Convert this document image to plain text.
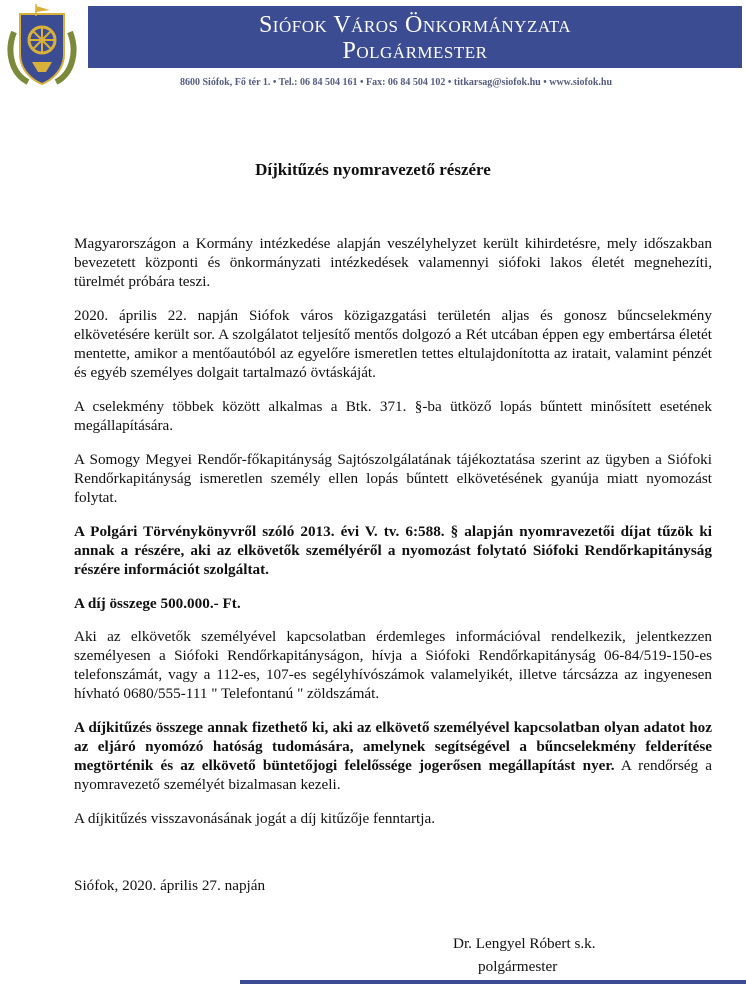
Siófok Város Önkormányzata
Polgármester
8600 Siófok, Fő tér 1. • Tel.: 06 84 504 161 • Fax: 06 84 504 102 • titkarsag@siofok.hu • www.siofok.hu
Díjkitűzés nyomravezető részére

Magyarországon a Kormány intézkedése alapján veszélyhelyzet került kihirdetésre, mely időszakban bevezetett központi és önkormányzati intézkedések valamennyi siófoki lakos életét megnehezíti, türelmét próbára teszi.

2020. április 22. napján Siófok város közigazgatási területén aljas és gonosz bűncselekmény elkövetésére került sor. A szolgálatot teljesítő mentős dolgozó a Rét utcában éppen egy embertársa életét mentette, amikor a mentőautóból az egyelőre ismeretlen tettes eltulajdonította az iratait, valamint pénzét és egyéb személyes dolgait tartalmazó övtáskáját.

A cselekmény többek között alkalmas a Btk. 371. §-ba ütköző lopás bűntett minősített esetének megállapítására.

A Somogy Megyei Rendőr-főkapitányság Sajtószolgálatának tájékoztatása szerint az ügyben a Siófoki Rendőrkapitányság ismeretlen személy ellen lopás bűntett elkövetésének gyanúja miatt nyomozást folytat.

A Polgári Törvénykönyvről szóló 2013. évi V. tv. 6:588. § alapján nyomravezetői díjat tűzök ki annak a részére, aki az elkövetők személyéről a nyomozást folytató Siófoki Rendőrkapitányság részére információt szolgáltat.

A díj összege 500.000.- Ft.

Aki az elkövetők személyével kapcsolatban érdemleges információval rendelkezik, jelentkezzen személyesen a Siófoki Rendőrkapitányságon, hívja a Siófoki Rendőrkapitányság 06-84/519-150-es telefonszámát, vagy a 112-es, 107-es segélyhívószámok valamelyikét, illetve tárcsázza az ingyenesen hívható 0680/555-111 " Telefontanú " zöldszámát.

A díjkitűzés összege annak fizethető ki, aki az elkövető személyével kapcsolatban olyan adatot hoz az eljáró nyomózó hatóság tudomására, amelynek segítségével a bűncselekmény felderítése megtörténik és az elkövető büntetőjogi felelőssége jogerősen megállapítást nyer. A rendőrség a nyomravezető személyét bizalmasan kezeli.

A díjkitűzés visszavonásának jogát a díj kitűzője fenntartja.

Siófok, 2020. április 27. napján
Dr. Lengyel Róbert s.k.
polgármester
